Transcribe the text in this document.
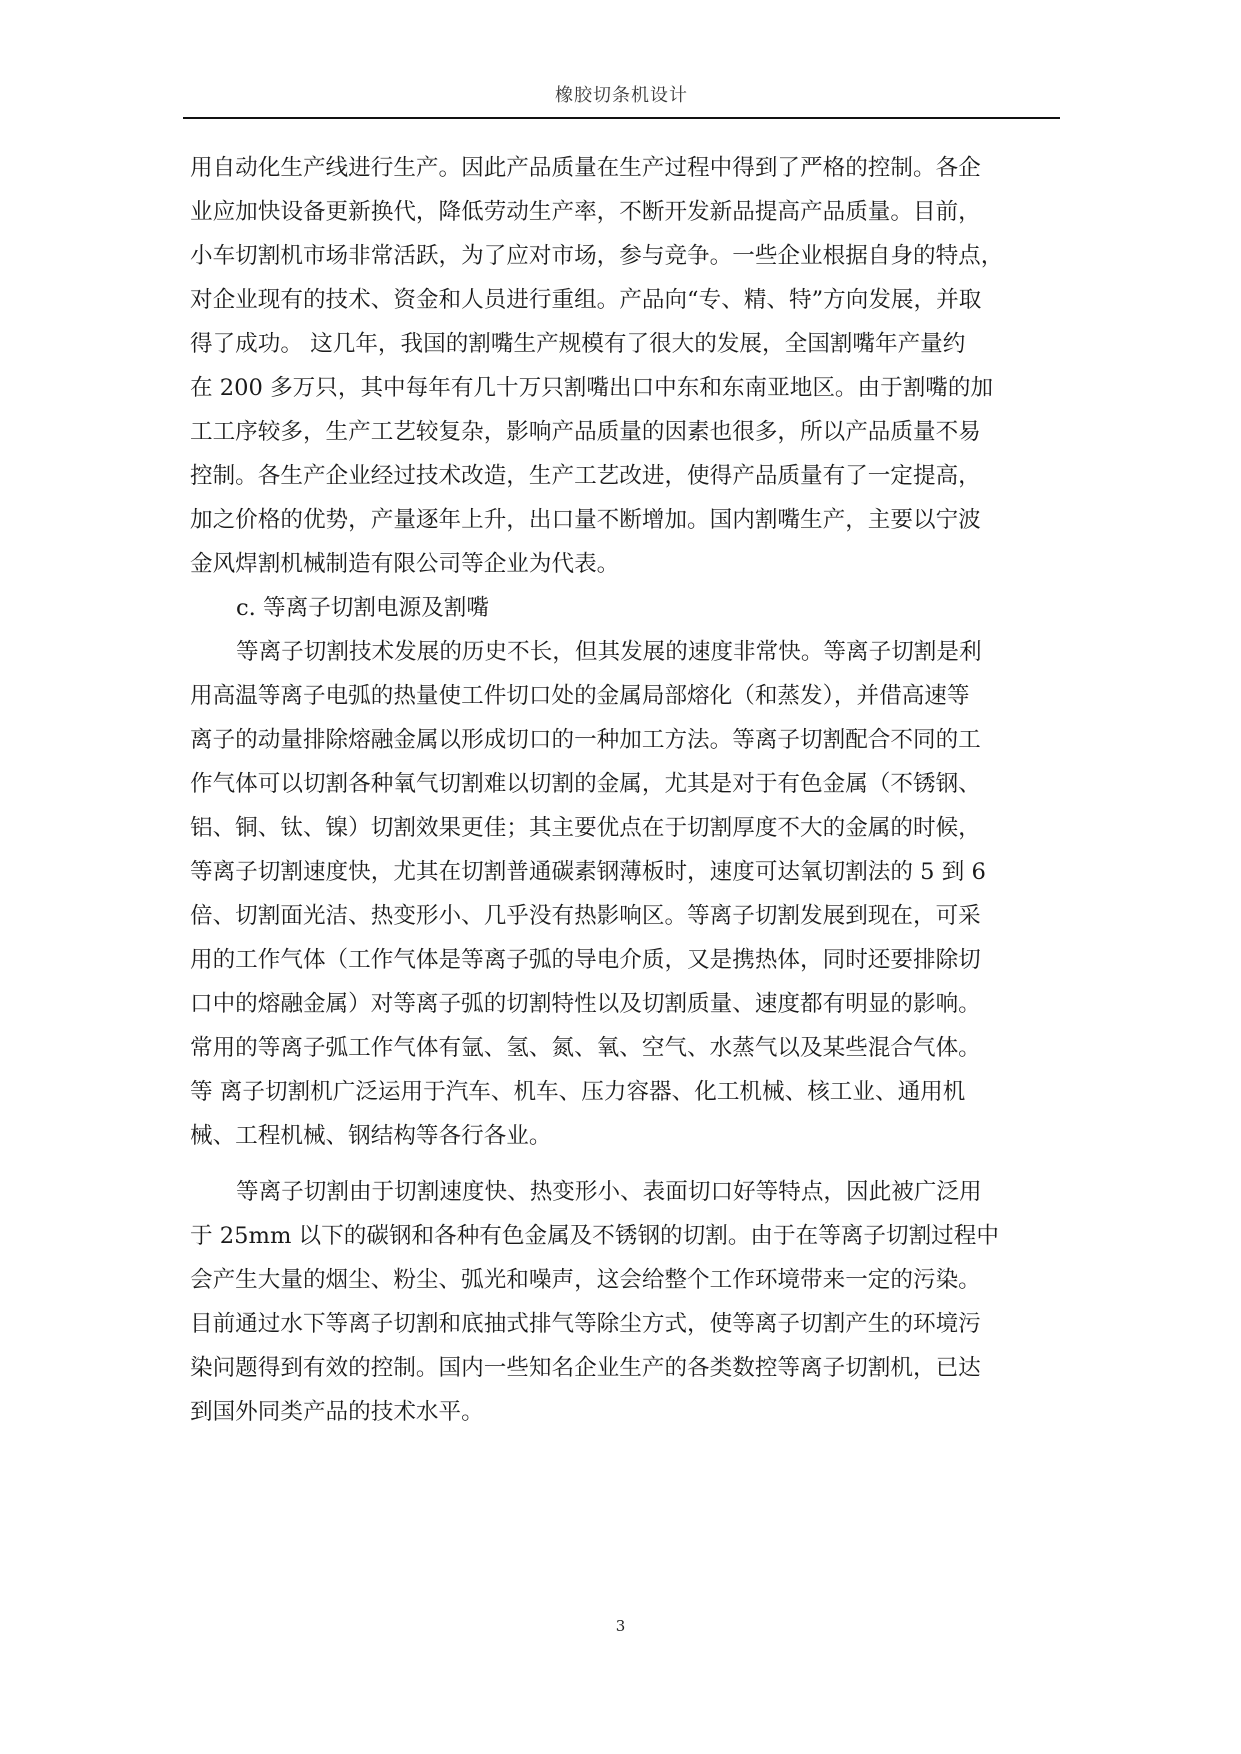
橡胶切条机设计
用自动化生产线进行生产。因此产品质量在生产过程中得到了严格的控制。各企
业应加快设备更新换代，降低劳动生产率，不断开发新品提高产品质量。目前，
小车切割机市场非常活跃，为了应对市场，参与竞争。一些企业根据自身的特点，
对企业现有的技术、资金和人员进行重组。产品向“专、精、特”方向发展，并取
得了成功。 这几年，我国的割嘴生产规模有了很大的发展，全国割嘴年产量约
在 200 多万只，其中每年有几十万只割嘴出口中东和东南亚地区。由于割嘴的加
工工序较多，生产工艺较复杂，影响产品质量的因素也很多，所以产品质量不易
控制。各生产企业经过技术改造，生产工艺改进，使得产品质量有了一定提高，
加之价格的优势，产量逐年上升，出口量不断增加。国内割嘴生产，主要以宁波
金风焊割机械制造有限公司等企业为代表。
c. 等离子切割电源及割嘴
等离子切割技术发展的历史不长，但其发展的速度非常快。等离子切割是利
用高温等离子电弧的热量使工件切口处的金属局部熔化（和蒸发），并借高速等
离子的动量排除熔融金属以形成切口的一种加工方法。等离子切割配合不同的工
作气体可以切割各种氧气切割难以切割的金属，尤其是对于有色金属（不锈钢、
铝、铜、钛、镍）切割效果更佳；其主要优点在于切割厚度不大的金属的时候，
等离子切割速度快，尤其在切割普通碳素钢薄板时，速度可达氧切割法的 5 到 6
倍、切割面光洁、热变形小、几乎没有热影响区。等离子切割发展到现在，可采
用的工作气体（工作气体是等离子弧的导电介质，又是携热体，同时还要排除切
口中的熔融金属）对等离子弧的切割特性以及切割质量、速度都有明显的影响。
常用的等离子弧工作气体有氩、氢、氮、氧、空气、水蒸气以及某些混合气体。
等 离子切割机广泛运用于汽车、机车、压力容器、化工机械、核工业、通用机
械、工程机械、钢结构等各行各业。
等离子切割由于切割速度快、热变形小、表面切口好等特点，因此被广泛用
于 25mm 以下的碳钢和各种有色金属及不锈钢的切割。由于在等离子切割过程中
会产生大量的烟尘、粉尘、弧光和噪声，这会给整个工作环境带来一定的污染。
目前通过水下等离子切割和底抽式排气等除尘方式，使等离子切割产生的环境污
染问题得到有效的控制。国内一些知名企业生产的各类数控等离子切割机，已达
到国外同类产品的技术水平。
3
